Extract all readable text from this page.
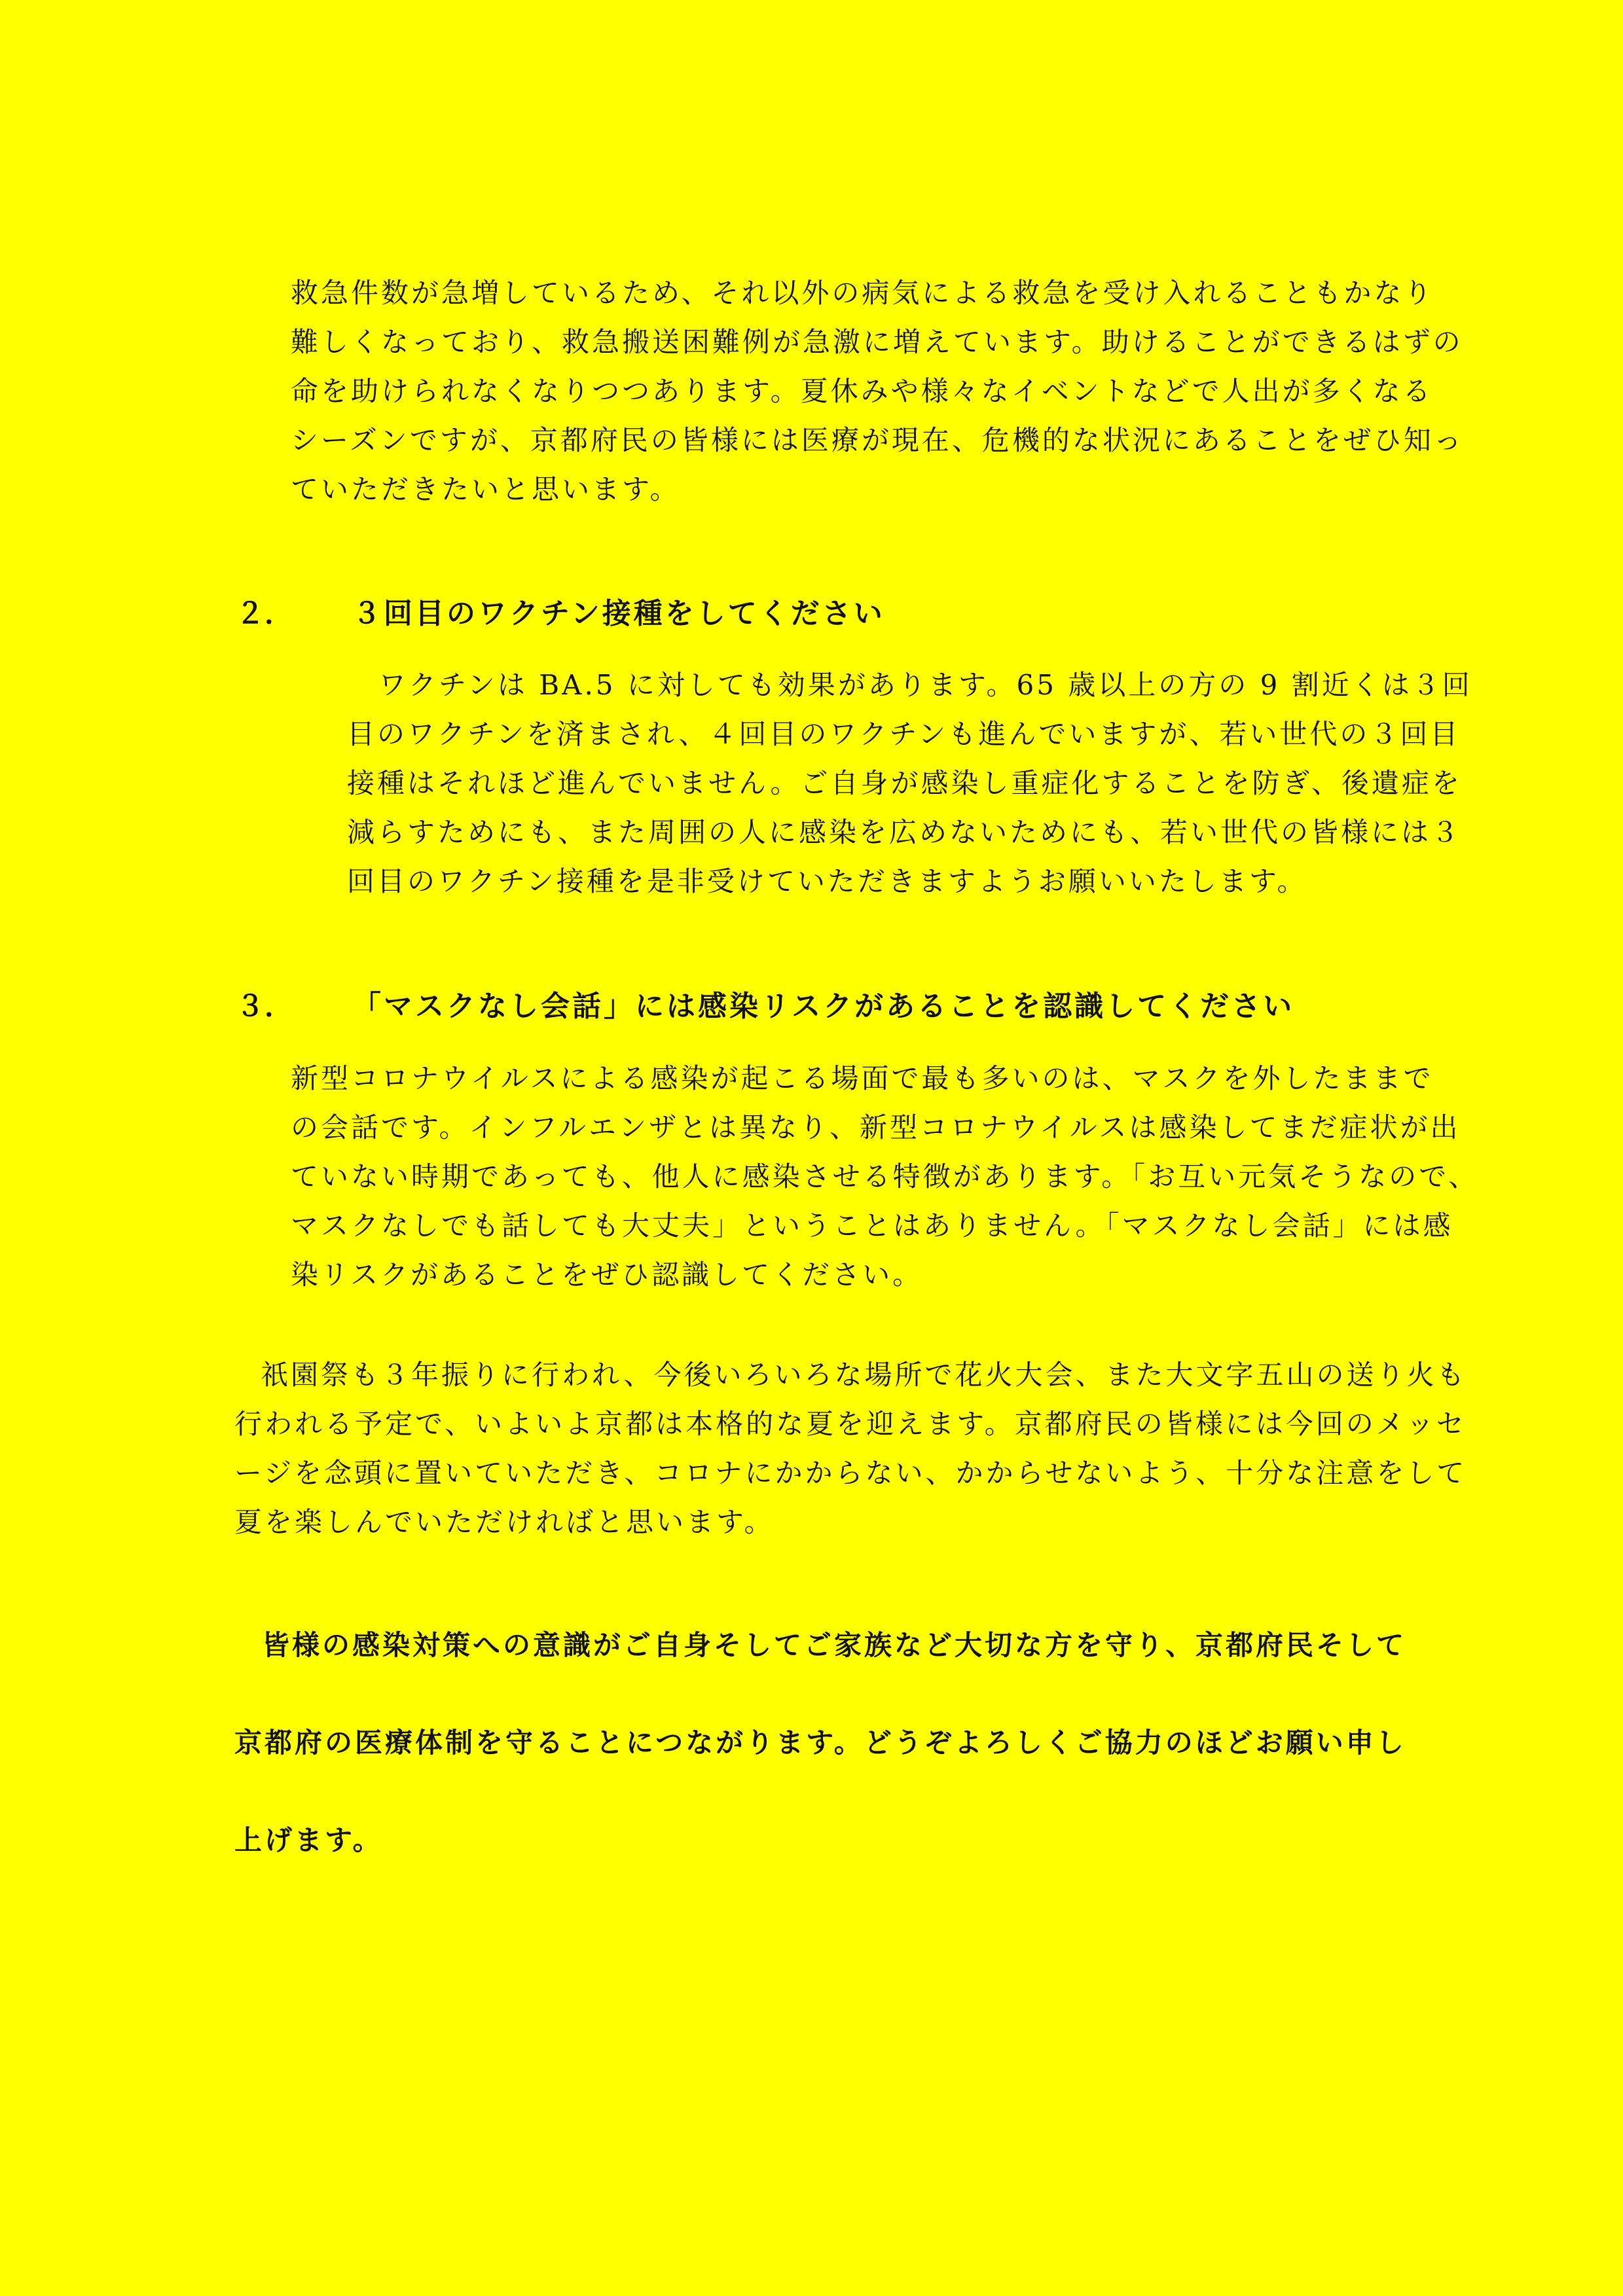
救急件数が急増しているため、それ以外の病気による救急を受け入れることもかなり
難しくなっており、救急搬送困難例が急激に増えています。助けることができるはずの
命を助けられなくなりつつあります。夏休みや様々なイベントなどで人出が多くなる
シーズンですが、京都府民の皆様には医療が現在、危機的な状況にあることをぜひ知っ
ていただきたいと思います。
２． ３回目のワクチン接種をしてください
ワクチンは BA.5 に対しても効果があります。65 歳以上の方の 9 割近くは３回
目のワクチンを済まされ、４回目のワクチンも進んでいますが、若い世代の３回目
接種はそれほど進んでいません。ご自身が感染し重症化することを防ぎ、後遺症を
減らすためにも、また周囲の人に感染を広めないためにも、若い世代の皆様には３
回目のワクチン接種を是非受けていただきますようお願いいたします。
３． 「マスクなし会話」には感染リスクがあることを認識してください
新型コロナウイルスによる感染が起こる場面で最も多いのは、マスクを外したままで
の会話です。インフルエンザとは異なり、新型コロナウイルスは感染してまだ症状が出
ていない時期であっても、他人に感染させる特徴があります。「お互い元気そうなので、
マスクなしでも話しても大丈夫」ということはありません。「マスクなし会話」には感
染リスクがあることをぜひ認識してください。
祇園祭も３年振りに行われ、今後いろいろな場所で花火大会、また大文字五山の送り火も
行われる予定で、いよいよ京都は本格的な夏を迎えます。京都府民の皆様には今回のメッセ
ージを念頭に置いていただき、コロナにかからない、かからせないよう、十分な注意をして
夏を楽しんでいただければと思います。
皆様の感染対策への意識がご自身そしてご家族など大切な方を守り、京都府民そして
京都府の医療体制を守ることにつながります。どうぞよろしくご協力のほどお願い申し
上げます。
